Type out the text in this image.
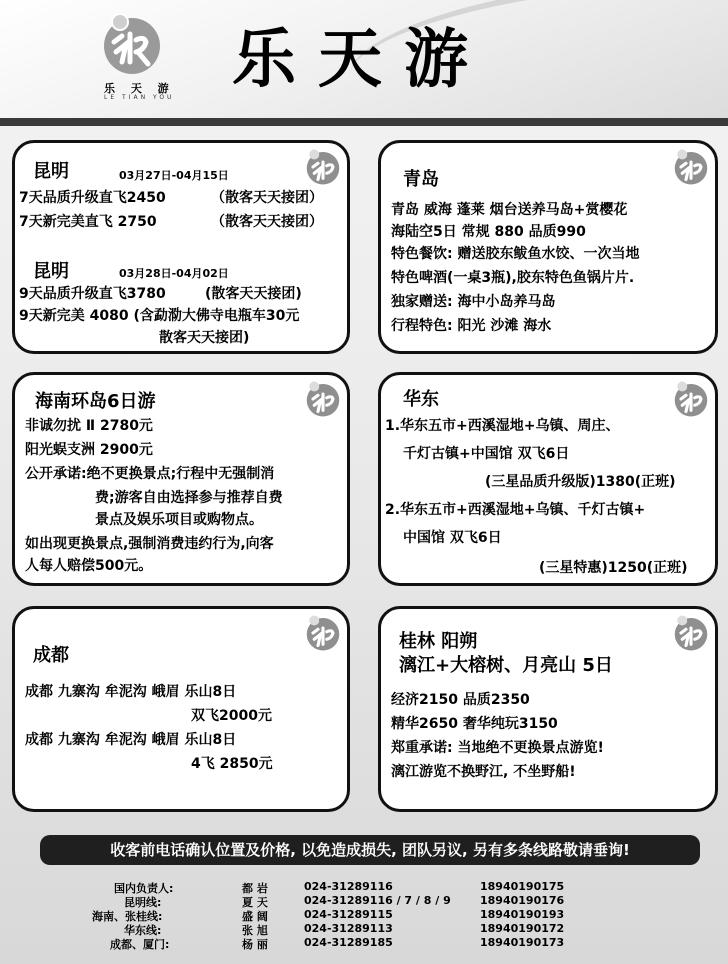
乐 天 游
LE TIAN YOU
乐天游
昆明	03月27日-04月15日
7天品质升级直飞2450	（散客天天接团）
7天新完美直飞 2750	（散客天天接团）
昆明	03月28日-04月02日
9天品质升级直飞3780	(散客天天接团)
9天新完美 4080 (含勐泐大佛寺电瓶车30元
散客天天接团)
青岛
青岛 威海 蓬莱 烟台送养马岛+赏樱花
海陆空5日 常规 880 品质990
特色餐饮: 赠送胶东鲅鱼水饺、一次当地
特色啤酒(一桌3瓶),胶东特色鱼锅片片.
独家赠送: 海中小岛养马岛
行程特色: 阳光 沙滩 海水
海南环岛6日游
非诚勿扰 Ⅱ 2780元
阳光蜈支洲 2900元
公开承诺:绝不更换景点;行程中无强制消
费;游客自由选择参与推荐自费
景点及娱乐项目或购物点。
如出现更换景点,强制消费违约行为,向客
人每人赔偿500元。
华东
1.华东五市+西溪湿地+乌镇、周庄、
千灯古镇+中国馆 双飞6日
(三星品质升级版)1380(正班)
2.华东五市+西溪湿地+乌镇、千灯古镇+
中国馆 双飞6日
(三星特惠)1250(正班)
成都
成都 九寨沟 牟泥沟 峨眉 乐山8日
双飞2000元
成都 九寨沟 牟泥沟 峨眉 乐山8日
4飞 2850元
桂林 阳朔
漓江+大榕树、月亮山 5日
经济2150 品质2350
精华2650 奢华纯玩3150
郑重承诺: 当地绝不更换景点游览!
漓江游览不换野江, 不坐野船!
收客前电话确认位置及价格, 以免造成损失, 团队另议, 另有多条线路敬请垂询!
国内负责人:	都 岩	024-31289116	18940190175
昆明线:	夏 天	024-31289116 / 7 / 8 / 9	18940190176
海南、张桂线:	盛 阔	024-31289115	18940190193
华东线:	张 旭	024-31289113	18940190172
成都、厦门:	杨 丽	024-31289185	18940190173
